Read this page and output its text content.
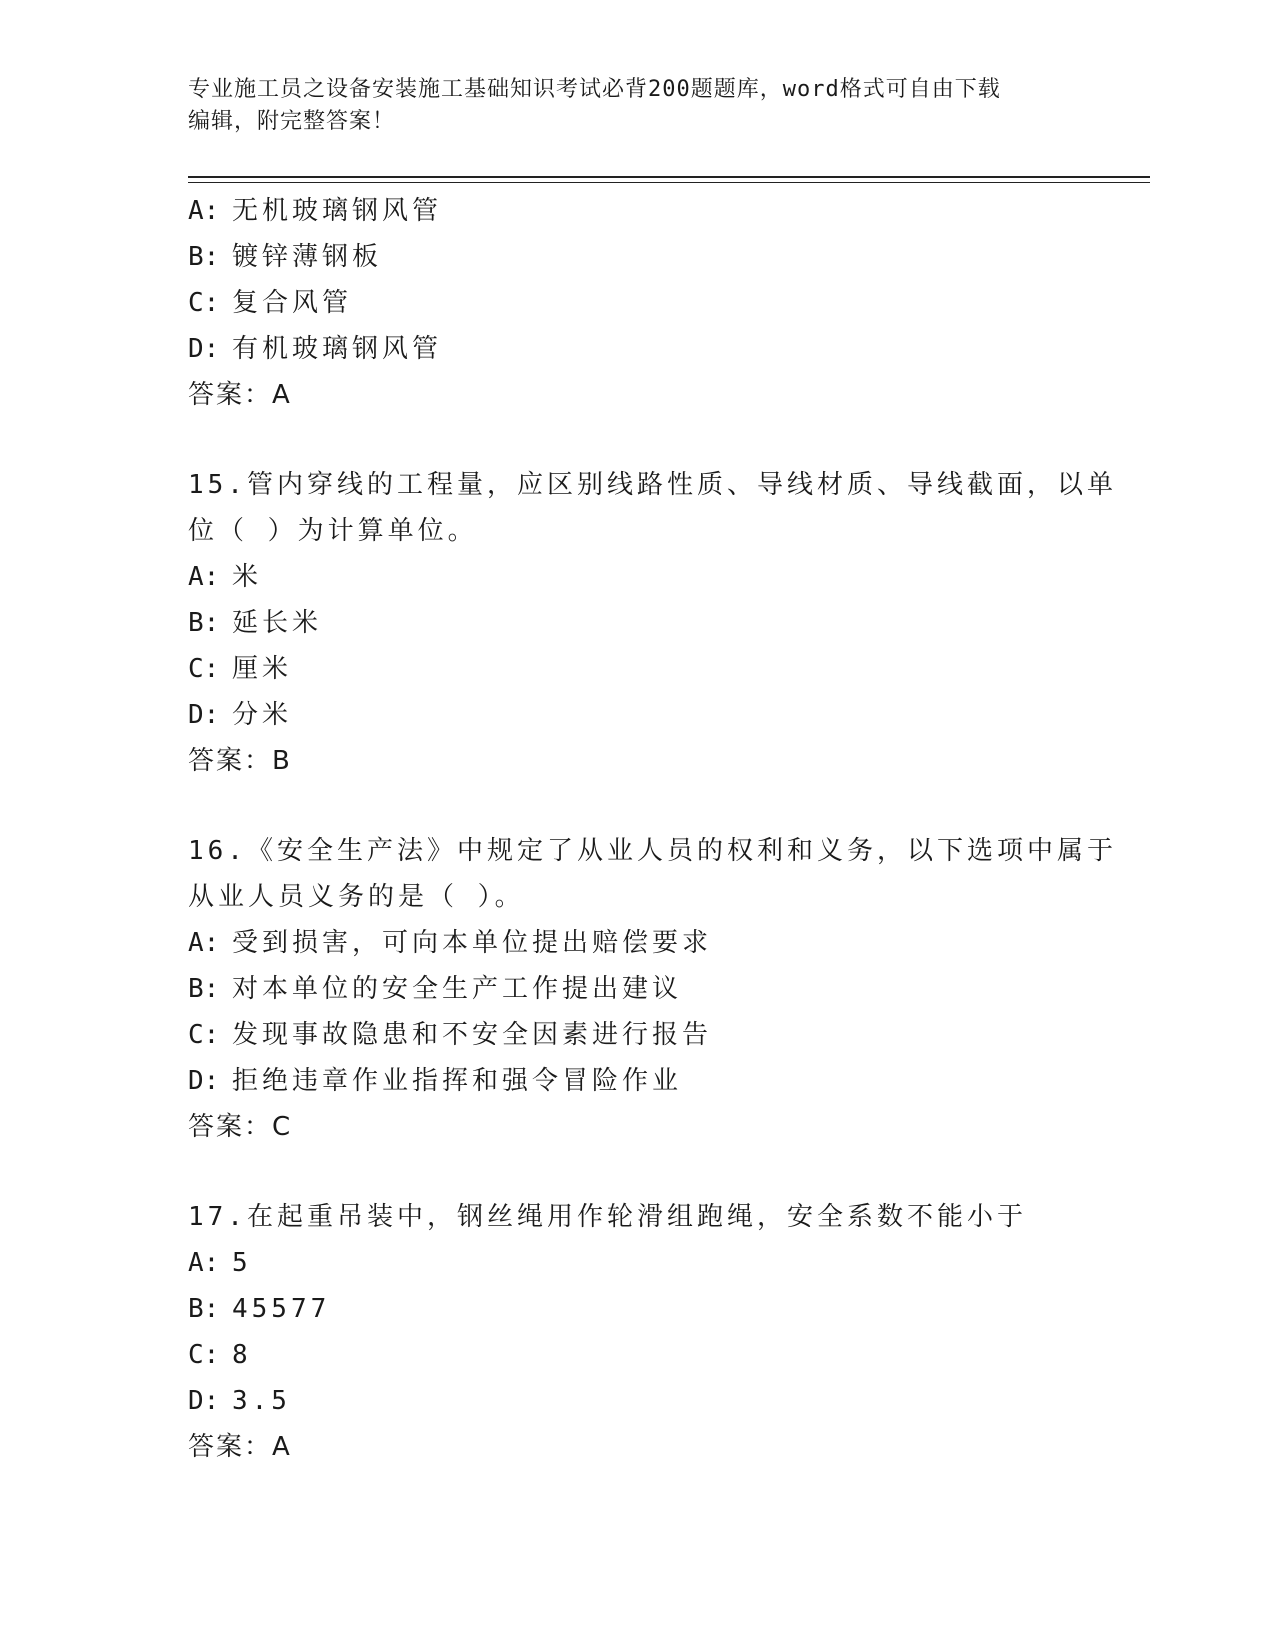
专业施工员之设备安装施工基础知识考试必背200题题库，word格式可自由下载
编辑，附完整答案！
A: 无机玻璃钢风管
B: 镀锌薄钢板
C: 复合风管
D: 有机玻璃钢风管
答案：A
15.管内穿线的工程量，应区别线路性质、导线材质、导线截面，以单
位（ ）为计算单位。
A: 米
B: 延长米
C: 厘米
D: 分米
答案：B
16.《安全生产法》中规定了从业人员的权利和义务，以下选项中属于
从业人员义务的是（ ）。
A: 受到损害，可向本单位提出赔偿要求
B: 对本单位的安全生产工作提出建议
C: 发现事故隐患和不安全因素进行报告
D: 拒绝违章作业指挥和强令冒险作业
答案：C
17.在起重吊装中，钢丝绳用作轮滑组跑绳，安全系数不能小于
A: 5
B: 45577
C: 8
D: 3.5
答案：A
